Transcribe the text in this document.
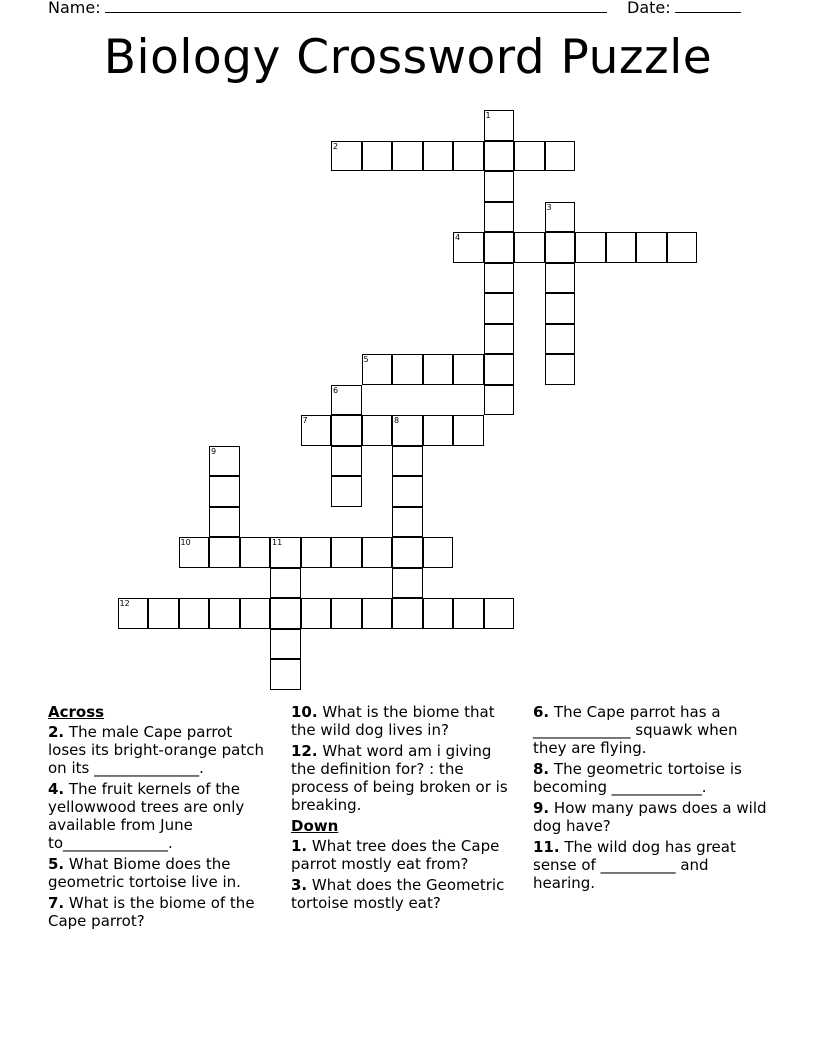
Name:	Date:
Biology Crossword Puzzle
1
2
3
4
5
6
7	8
9
10	11
12
Across
2. The male Cape parrot loses its bright-orange patch on its ______________.
4. The fruit kernels of the yellowwood trees are only available from June to______________.
5. What Biome does the geometric tortoise live in.
7. What is the biome of the Cape parrot?
10. What is the biome that the wild dog lives in?
12. What word am i giving the definition for? : the process of being broken or is breaking.
Down
1. What tree does the Cape parrot mostly eat from?
3. What does the Geometric tortoise mostly eat?
6. The Cape parrot has a _____________ squawk when they are flying.
8. The geometric tortoise is becoming ____________.
9. How many paws does a wild dog have?
11. The wild dog has great sense of __________ and hearing.
